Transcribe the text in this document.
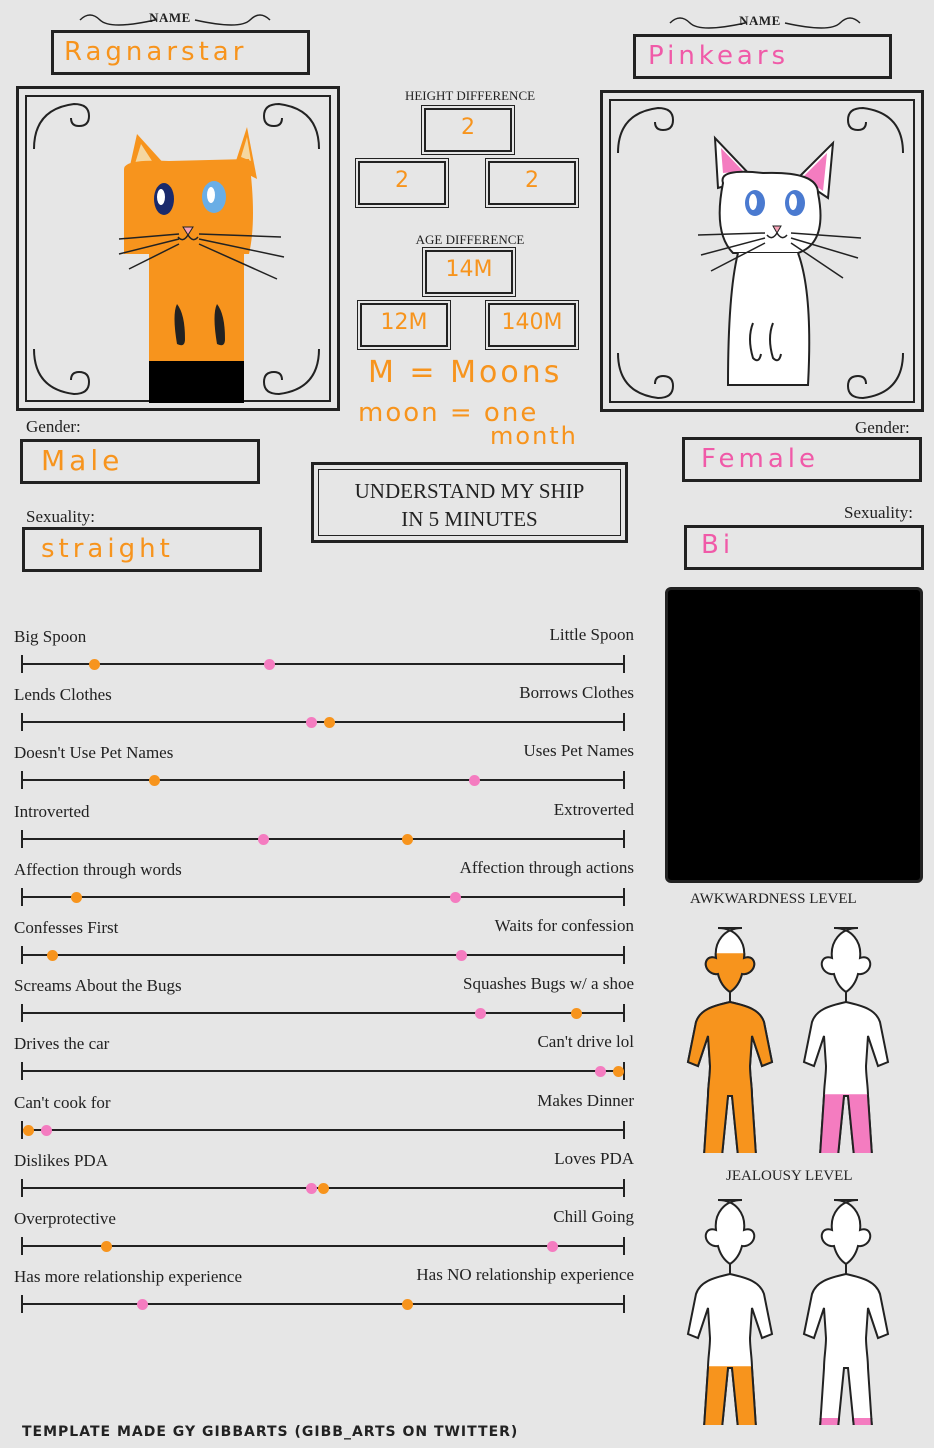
NAME	NAME
Ragnarstar	Pinkears
HEIGHT DIFFERENCE
2
2	2
AGE DIFFERENCE
14M
12M	140M
M = Moons
moon = one
month
UNDERSTAND MY SHIP
IN 5 MINUTES
Gender:
Male
Sexuality:
straight
Gender:
Female
Sexuality:
Bi
Big Spoon	Little Spoon
Lends Clothes	Borrows Clothes
Doesn't Use Pet Names	Uses Pet Names
Introverted	Extroverted
Affection through words	Affection through actions
Confesses First	Waits for confession
Screams About the Bugs	Squashes Bugs w/ a shoe
Drives the car	Can't drive lol
Can't cook for	Makes Dinner
Dislikes PDA	Loves PDA
Overprotective	Chill Going
Has more relationship experience	Has NO relationship experience
AWKWARDNESS LEVEL
JEALOUSY LEVEL
TEMPLATE MADE GY GIBBARTS (GIBB_ARTS ON TWITTER)
